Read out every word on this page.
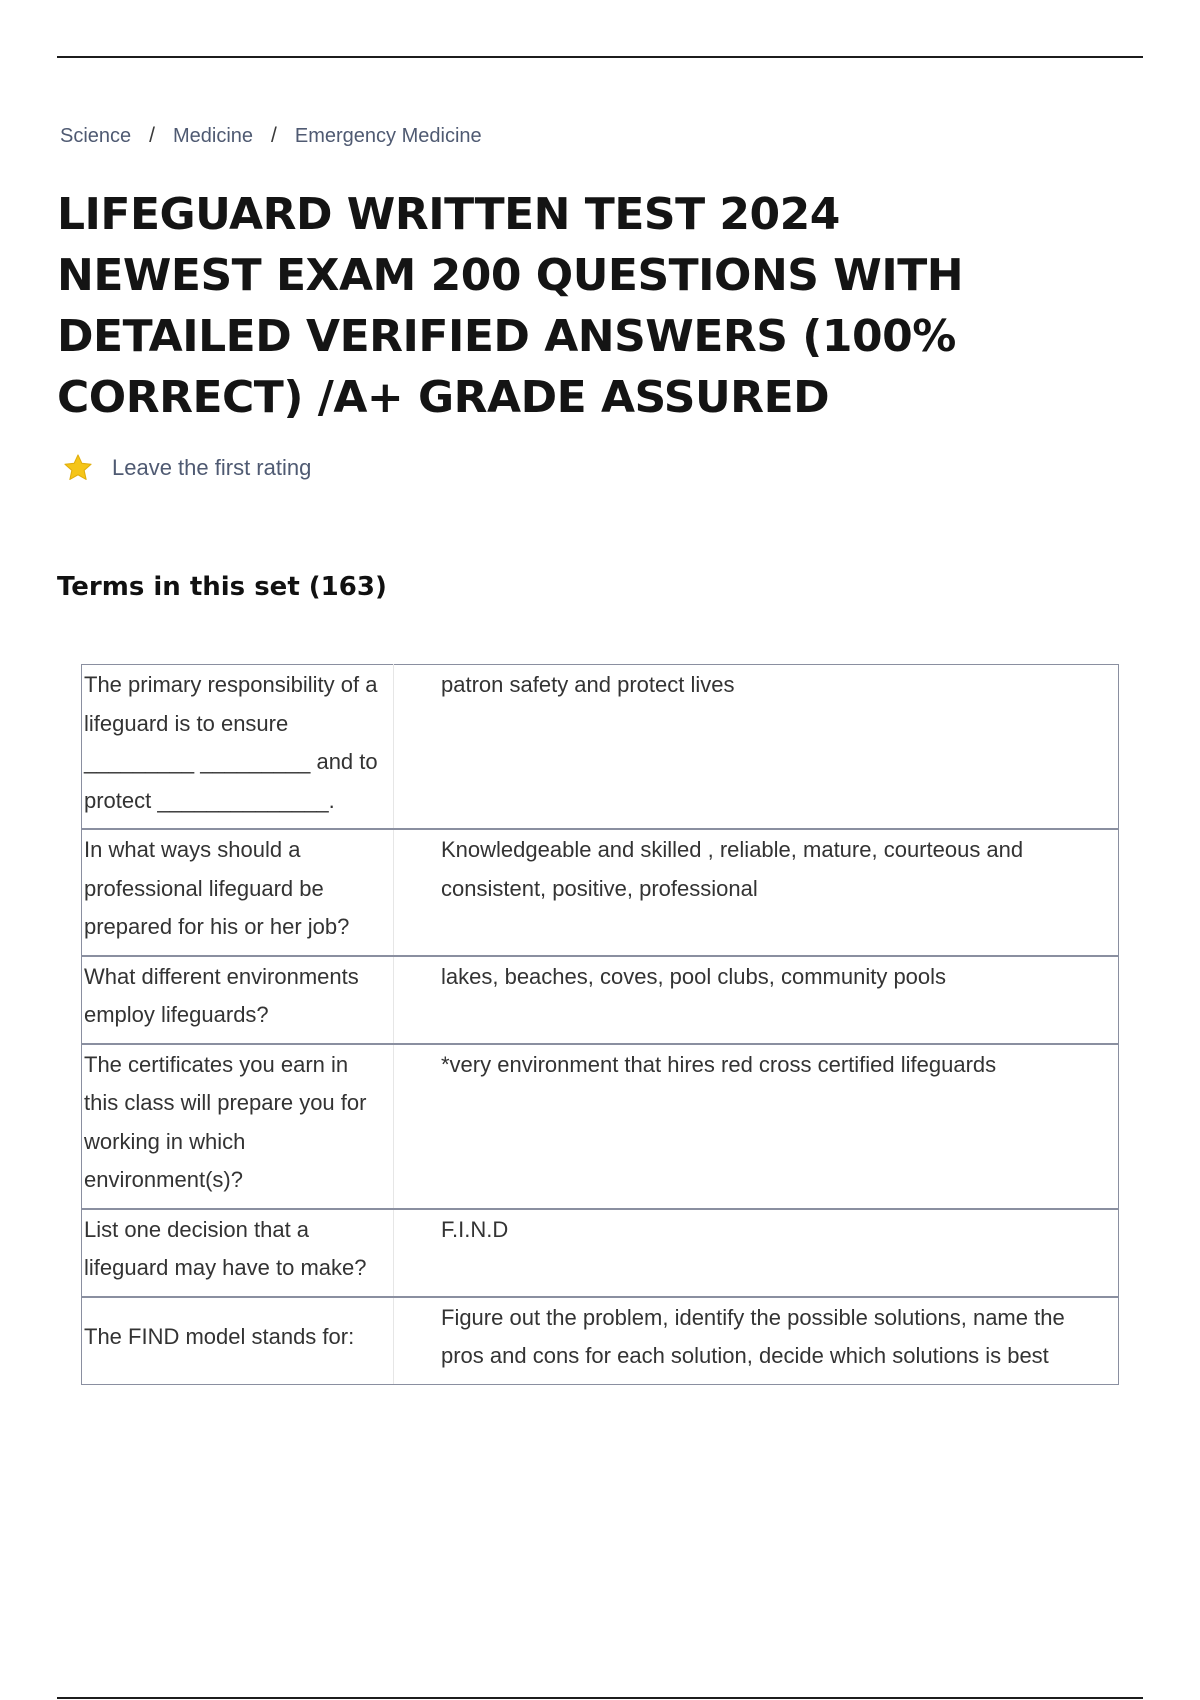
Science / Medicine / Emergency Medicine
LIFEGUARD WRITTEN TEST 2024 NEWEST EXAM 200 QUESTIONS WITH DETAILED VERIFIED ANSWERS (100% CORRECT) /A+ GRADE ASSURED
Leave the first rating
Terms in this set (163)
The primary responsibility of a lifeguard is to ensure _________ _________ and to protect ______________.	patron safety and protect lives
In what ways should a professional lifeguard be prepared for his or her job?	Knowledgeable and skilled , reliable, mature, courteous and consistent, positive, professional
What different environments employ lifeguards?	lakes, beaches, coves, pool clubs, community pools
The certificates you earn in this class will prepare you for working in which environment(s)?	*very environment that hires red cross certified lifeguards
List one decision that a lifeguard may have to make?	F.I.N.D
The FIND model stands for:	Figure out the problem, identify the possible solutions, name the pros and cons for each solution, decide which solutions is best
